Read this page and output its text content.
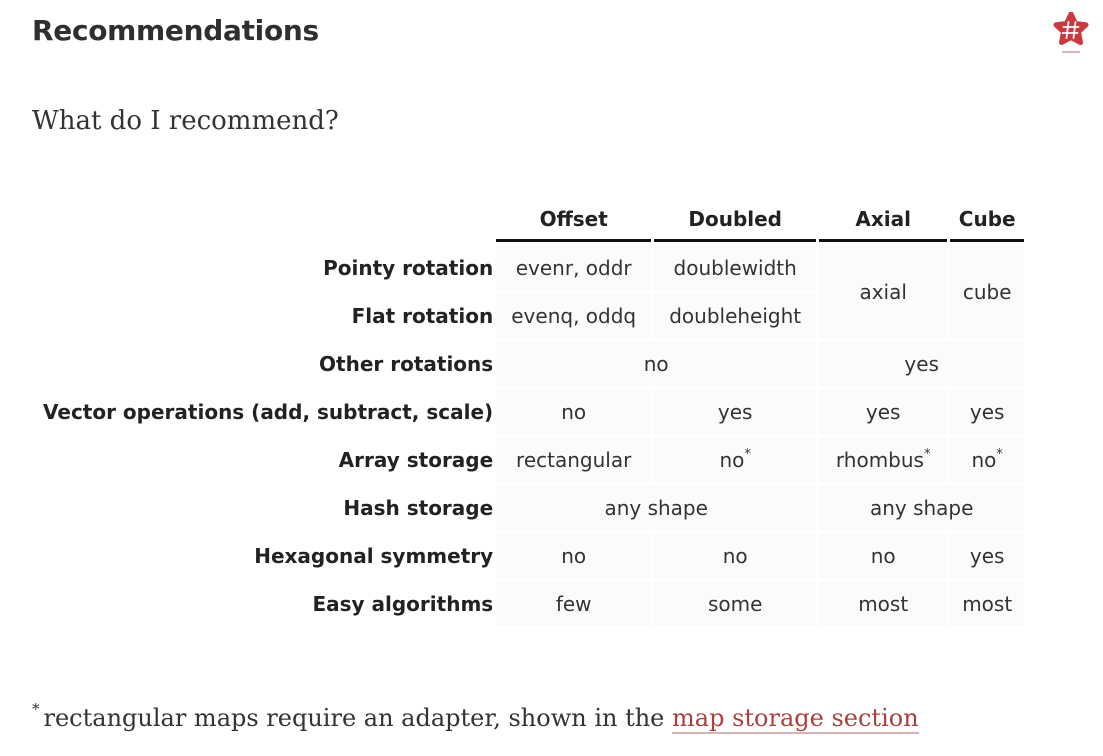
Recommendations
What do I recommend?
	Offset	Doubled	Axial	Cube
Pointy rotation	evenr, oddr	doublewidth	axial	cube
Flat rotation	evenq, oddq	doubleheight		
Other rotations	no		yes	
Vector operations (add, subtract, scale)	no	yes	yes	yes
Array storage	rectangular	no*	rhombus*	no*
Hash storage	any shape		any shape	
Hexagonal symmetry	no	no	no	yes
Easy algorithms	few	some	most	most
* rectangular maps require an adapter, shown in the map storage section
